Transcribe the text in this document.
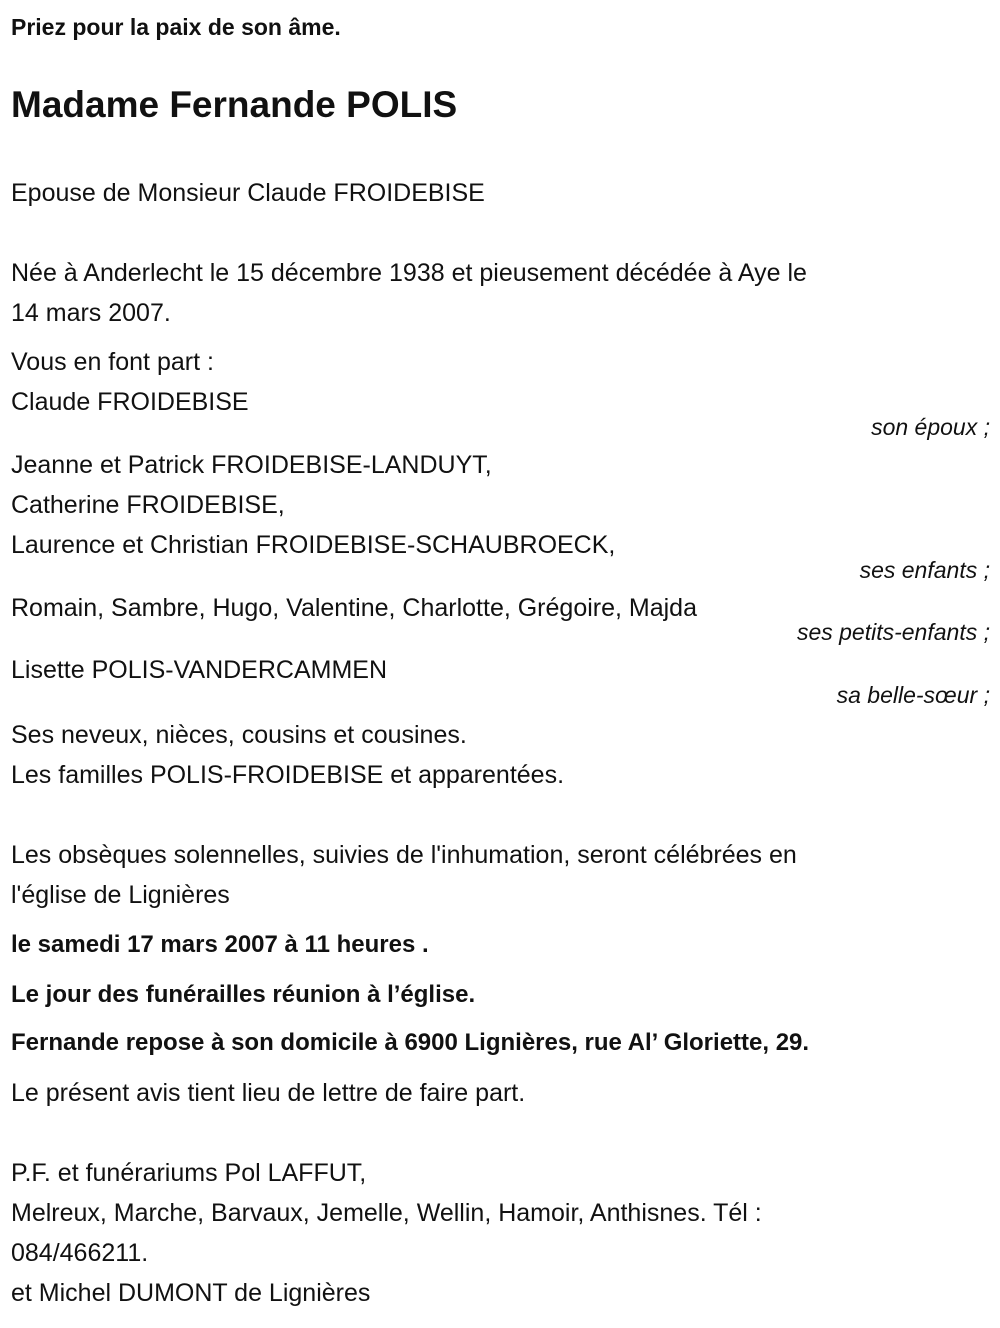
Priez pour la paix de son âme.
Madame Fernande POLIS
Epouse de Monsieur Claude FROIDEBISE
Née à Anderlecht le 15 décembre 1938 et pieusement décédée à Aye le
14 mars 2007.
Vous en font part :
Claude FROIDEBISE
son époux ;
Jeanne et Patrick FROIDEBISE-LANDUYT,
Catherine FROIDEBISE,
Laurence et Christian FROIDEBISE-SCHAUBROECK,
ses enfants ;
Romain, Sambre, Hugo, Valentine, Charlotte, Grégoire, Majda
ses petits-enfants ;
Lisette POLIS-VANDERCAMMEN
sa belle-sœur ;
Ses neveux, nièces, cousins et cousines.
Les familles POLIS-FROIDEBISE et apparentées.
Les obsèques solennelles, suivies de l'inhumation, seront célébrées en
l'église de Lignières
le samedi 17 mars 2007 à 11 heures .
Le jour des funérailles réunion à l’église.
Fernande repose à son domicile à 6900 Lignières, rue Al’ Gloriette, 29.
Le présent avis tient lieu de lettre de faire part.
P.F. et funérariums Pol LAFFUT,
Melreux, Marche, Barvaux, Jemelle, Wellin, Hamoir, Anthisnes. Tél :
084/466211.
et Michel DUMONT de Lignières
